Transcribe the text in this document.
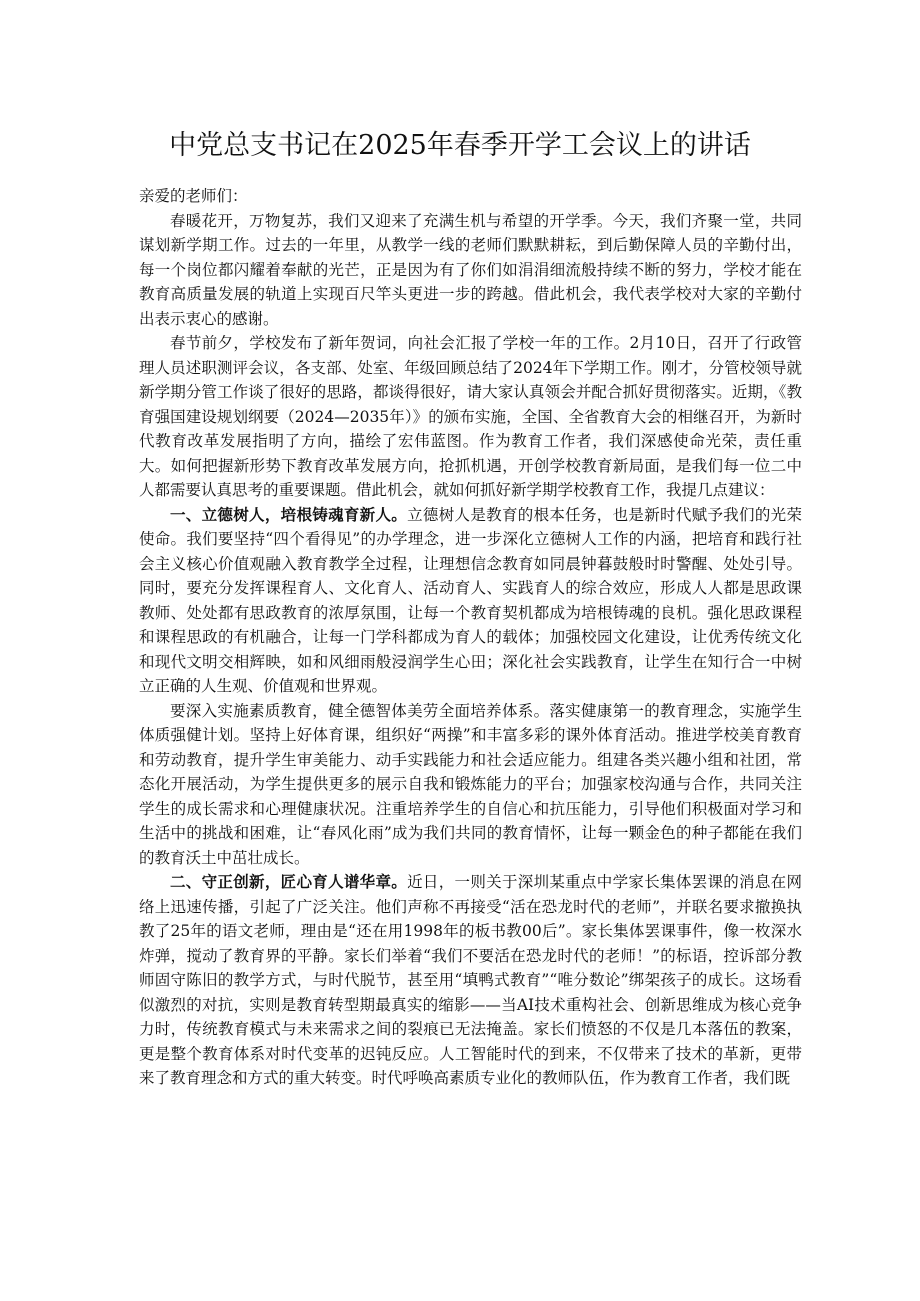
中党总支书记在2025年春季开学工会议上的讲话

亲爱的老师们：

春暖花开，万物复苏，我们又迎来了充满生机与希望的开学季。今天，我们齐聚一堂，共同谋划新学期工作。过去的一年里，从教学一线的老师们默默耕耘，到后勤保障人员的辛勤付出，每一个岗位都闪耀着奉献的光芒，正是因为有了你们如涓涓细流般持续不断的努力，学校才能在教育高质量发展的轨道上实现百尺竿头更进一步的跨越。借此机会，我代表学校对大家的辛勤付出表示衷心的感谢。

春节前夕，学校发布了新年贺词，向社会汇报了学校一年的工作。2月10日，召开了行政管理人员述职测评会议，各支部、处室、年级回顾总结了2024年下学期工作。刚才，分管校领导就新学期分管工作谈了很好的思路，都谈得很好，请大家认真领会并配合抓好贯彻落实。近期，《教育强国建设规划纲要（2024—2035年）》的颁布实施，全国、全省教育大会的相继召开，为新时代教育改革发展指明了方向，描绘了宏伟蓝图。作为教育工作者，我们深感使命光荣，责任重大。如何把握新形势下教育改革发展方向，抢抓机遇，开创学校教育新局面，是我们每一位二中人都需要认真思考的重要课题。借此机会，就如何抓好新学期学校教育工作，我提几点建议：

一、立德树人，培根铸魂育新人。立德树人是教育的根本任务，也是新时代赋予我们的光荣使命。我们要坚持“四个看得见”的办学理念，进一步深化立德树人工作的内涵，把培育和践行社会主义核心价值观融入教育教学全过程，让理想信念教育如同晨钟暮鼓般时时警醒、处处引导。同时，要充分发挥课程育人、文化育人、活动育人、实践育人的综合效应，形成人人都是思政课教师、处处都有思政教育的浓厚氛围，让每一个教育契机都成为培根铸魂的良机。强化思政课程和课程思政的有机融合，让每一门学科都成为育人的载体；加强校园文化建设，让优秀传统文化和现代文明交相辉映，如和风细雨般浸润学生心田；深化社会实践教育，让学生在知行合一中树立正确的人生观、价值观和世界观。

要深入实施素质教育，健全德智体美劳全面培养体系。落实健康第一的教育理念，实施学生体质强健计划。坚持上好体育课，组织好“两操”和丰富多彩的课外体育活动。推进学校美育教育和劳动教育，提升学生审美能力、动手实践能力和社会适应能力。组建各类兴趣小组和社团，常态化开展活动，为学生提供更多的展示自我和锻炼能力的平台；加强家校沟通与合作，共同关注学生的成长需求和心理健康状况。注重培养学生的自信心和抗压能力，引导他们积极面对学习和生活中的挑战和困难，让“春风化雨”成为我们共同的教育情怀，让每一颗金色的种子都能在我们的教育沃土中茁壮成长。

二、守正创新，匠心育人谱华章。近日，一则关于深圳某重点中学家长集体罢课的消息在网络上迅速传播，引起了广泛关注。他们声称不再接受“活在恐龙时代的老师”，并联名要求撤换执教了25年的语文老师，理由是“还在用1998年的板书教00后”。家长集体罢课事件，像一枚深水炸弹，搅动了教育界的平静。家长们举着“我们不要活在恐龙时代的老师！”的标语，控诉部分教师固守陈旧的教学方式，与时代脱节，甚至用“填鸭式教育”“唯分数论”绑架孩子的成长。这场看似激烈的对抗，实则是教育转型期最真实的缩影——当AI技术重构社会、创新思维成为核心竞争力时，传统教育模式与未来需求之间的裂痕已无法掩盖。家长们愤怒的不仅是几本落伍的教案，更是整个教育体系对时代变革的迟钝反应。人工智能时代的到来，不仅带来了技术的革新，更带来了教育理念和方式的重大转变。时代呼唤高素质专业化的教师队伍，作为教育工作者，我们既
